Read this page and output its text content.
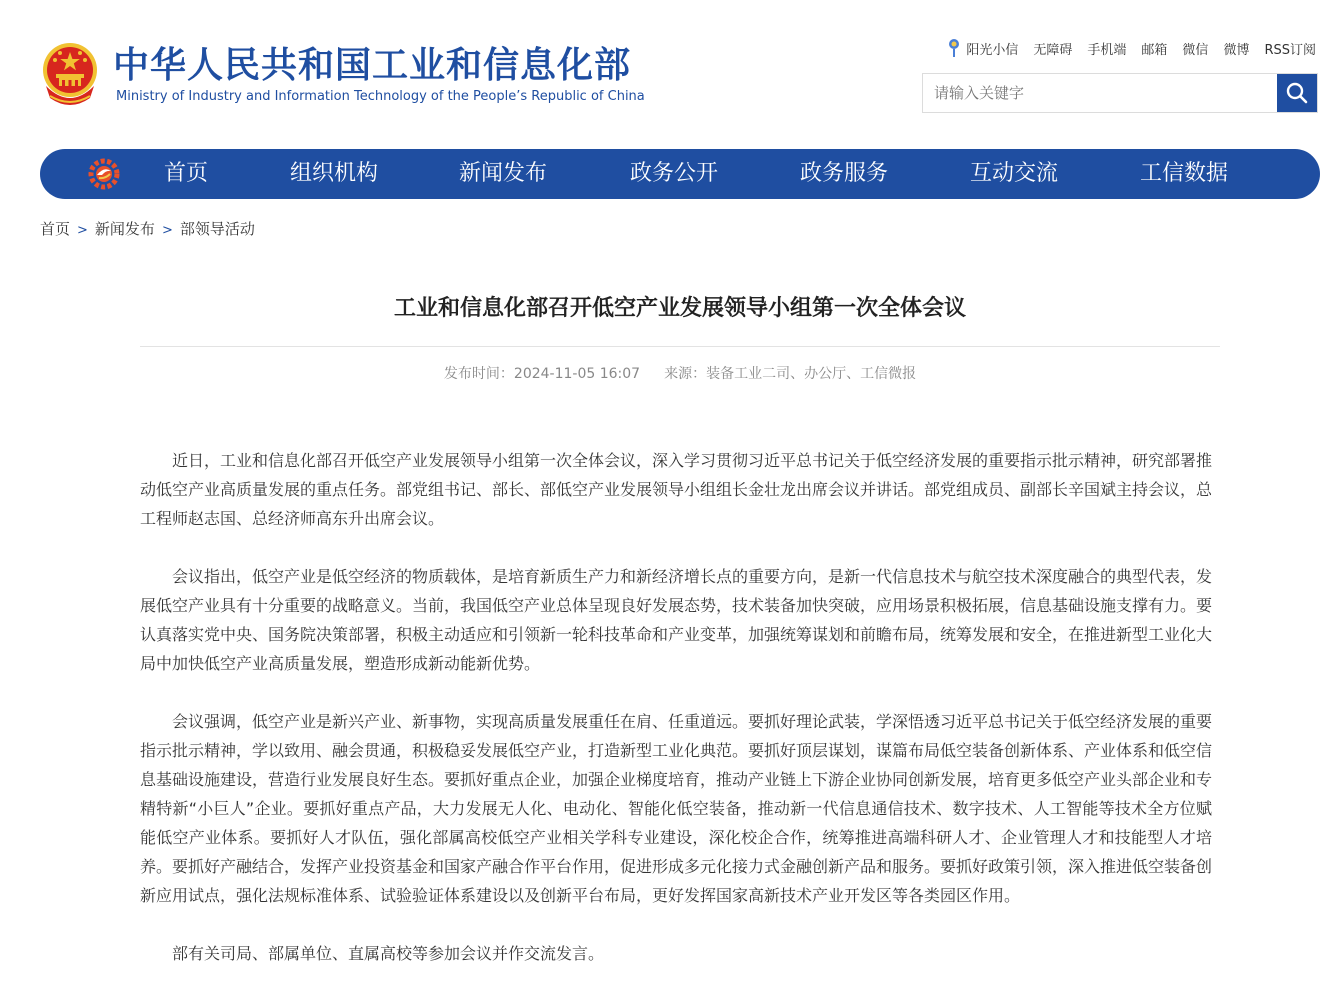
中华人民共和国工业和信息化部
Ministry of Industry and Information Technology of the People’s Republic of China
阳光小信 无障碍 手机端 邮箱 微信 微博 RSS订阅
请输入关键字
首页	组织机构	新闻发布	政务公开	政务服务	互动交流	工信数据
首页 > 新闻发布 > 部领导活动
工业和信息化部召开低空产业发展领导小组第一次全体会议
发布时间：2024-11-05 16:07 来源：装备工业二司、办公厅、工信微报

近日，工业和信息化部召开低空产业发展领导小组第一次全体会议，深入学习贯彻习近平总书记关于低空经济发展的重要指示批示精神，研究部署推动低空产业高质量发展的重点任务。部党组书记、部长、部低空产业发展领导小组组长金壮龙出席会议并讲话。部党组成员、副部长辛国斌主持会议，总工程师赵志国、总经济师高东升出席会议。

会议指出，低空产业是低空经济的物质载体，是培育新质生产力和新经济增长点的重要方向，是新一代信息技术与航空技术深度融合的典型代表，发展低空产业具有十分重要的战略意义。当前，我国低空产业总体呈现良好发展态势，技术装备加快突破，应用场景积极拓展，信息基础设施支撑有力。要认真落实党中央、国务院决策部署，积极主动适应和引领新一轮科技革命和产业变革，加强统筹谋划和前瞻布局，统筹发展和安全，在推进新型工业化大局中加快低空产业高质量发展，塑造形成新动能新优势。

会议强调，低空产业是新兴产业、新事物，实现高质量发展重任在肩、任重道远。要抓好理论武装，学深悟透习近平总书记关于低空经济发展的重要指示批示精神，学以致用、融会贯通，积极稳妥发展低空产业，打造新型工业化典范。要抓好顶层谋划，谋篇布局低空装备创新体系、产业体系和低空信息基础设施建设，营造行业发展良好生态。要抓好重点企业，加强企业梯度培育，推动产业链上下游企业协同创新发展，培育更多低空产业头部企业和专精特新“小巨人”企业。要抓好重点产品，大力发展无人化、电动化、智能化低空装备，推动新一代信息通信技术、数字技术、人工智能等技术全方位赋能低空产业体系。要抓好人才队伍，强化部属高校低空产业相关学科专业建设，深化校企合作，统筹推进高端科研人才、企业管理人才和技能型人才培养。要抓好产融结合，发挥产业投资基金和国家产融合作平台作用，促进形成多元化接力式金融创新产品和服务。要抓好政策引领，深入推进低空装备创新应用试点，强化法规标准体系、试验验证体系建设以及创新平台布局，更好发挥国家高新技术产业开发区等各类园区作用。

部有关司局、部属单位、直属高校等参加会议并作交流发言。
